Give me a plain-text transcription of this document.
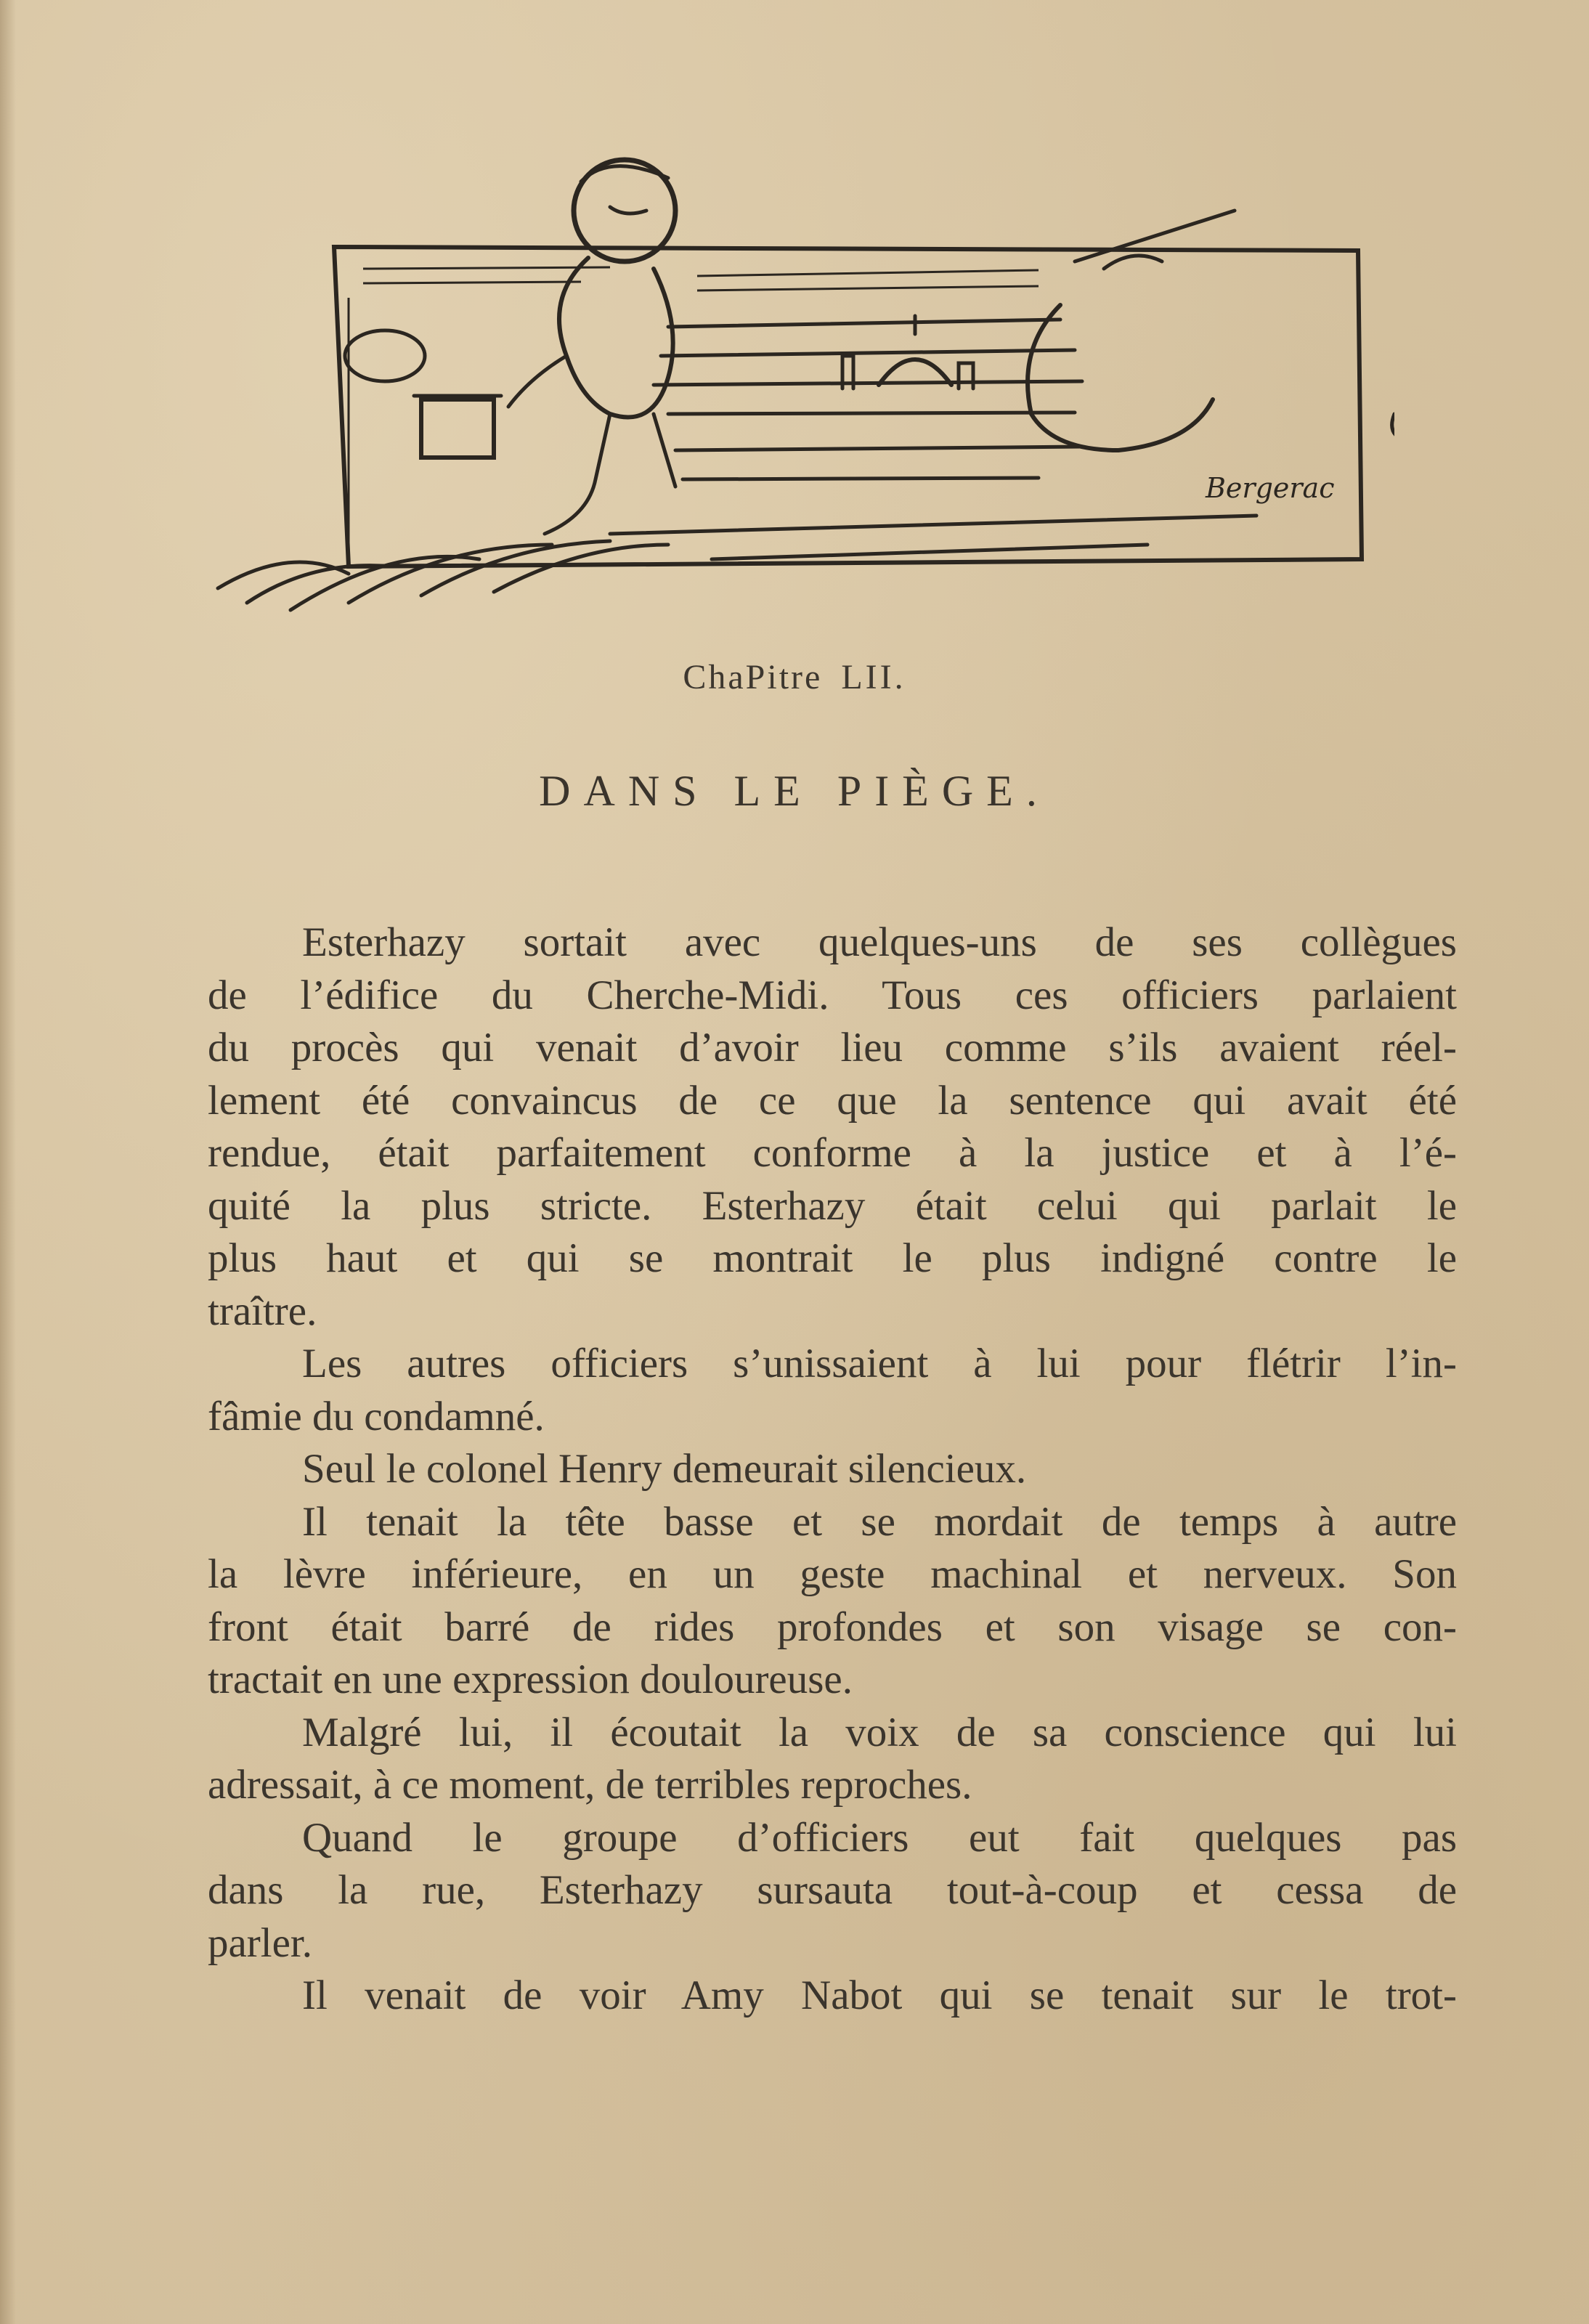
Bergerac
ChaPitre LII.
DANS LE PIÈGE.
Esterhazy sortait avec quelques-uns de ses collègues
de l’édifice du Cherche-Midi. Tous ces officiers parlaient
du procès qui venait d’avoir lieu comme s’ils avaient réel-
lement été convaincus de ce que la sentence qui avait été
rendue, était parfaitement conforme à la justice et à l’é-
quité la plus stricte. Esterhazy était celui qui parlait le
plus haut et qui se montrait le plus indigné contre le
traître.
Les autres officiers s’unissaient à lui pour flétrir l’in-
fâmie du condamné.
Seul le colonel Henry demeurait silencieux.
Il tenait la tête basse et se mordait de temps à autre
la lèvre inférieure, en un geste machinal et nerveux. Son
front était barré de rides profondes et son visage se con-
tractait en une expression douloureuse.
Malgré lui, il écoutait la voix de sa conscience qui lui
adressait, à ce moment, de terribles reproches.
Quand le groupe d’officiers eut fait quelques pas
dans la rue, Esterhazy sursauta tout-à-coup et cessa de
parler.
Il venait de voir Amy Nabot qui se tenait sur le trot-
